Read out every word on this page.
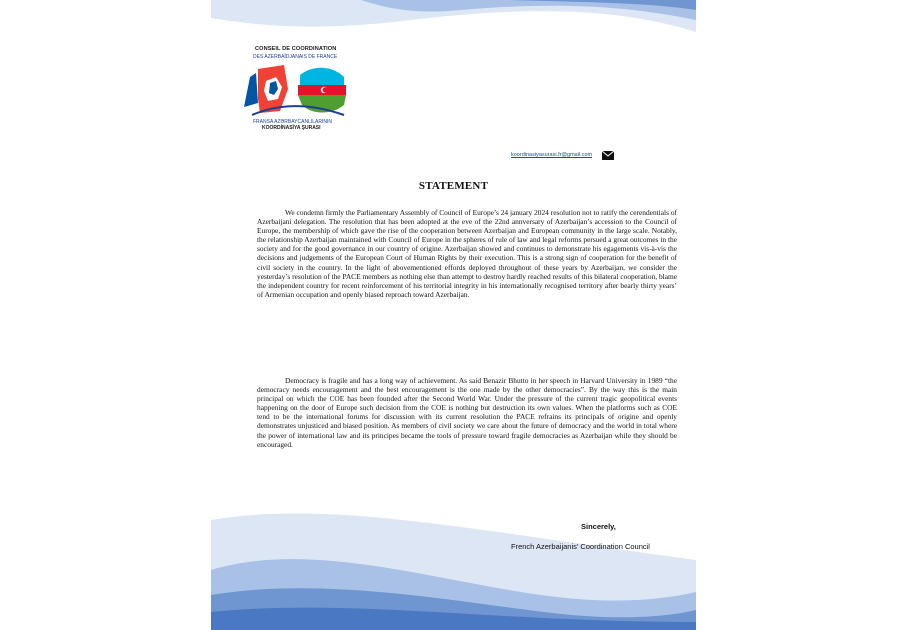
CONSEIL DE COORDINATION
DES AZERBAÏDJANAIS DE FRANCE
FRANSA AZƏRBAYCANLILARININ
KOORDİNASİYA ŞURASI
koordinasiyasurasi.fr@gmail.com
STATEMENT

We condemn firmly the Parliamentary Assembly of Council of Europe’s 24 january 2024 resolution not to ratify the cerendentials of Azerbaijani delegation. The resolution that has been adopted at the eve of the 22nd annversary of Azerbaijan’s accession to the Council of Europe, the membership of which gave the rise of the cooperation between Azerbaijan and European community in the large scale. Notably, the relationship Azerbaijan maintained with Council of Europe in the spheres of rule of law and legal reforms persued a great outcomes in the society and for the good governance in our country of origine. Azerbaijan showed and continues to demonstrate his egagements vis-à-vis the decisions and judgements of the European Court of Human Rights by their execution. This is a strong sign of cooperation for the benefit of civil society in the country. In the light of abovementioned effords deployed throughout of these years by Azerbaijan, we consider the yesterday’s resolution of the PACE members as nothing else than attempt to destroy hardly reached results of this bilateral cooperation, blame the independent country for recent reinforcement of his territorial integrity in his internationally recognised territory after bearly thirty years’ of Armenian occupation and openly biased reproach toward Azerbaijan.

Democracy is fragile and has a long way of achievement. As said Benazir Bhutto in her speech in Harvard University in 1989 “the democracy needs encouragement and the best encouragement is the one made by the other democracies”. By the way this is the main principal on which the COE has been founded after the Second World War. Under the pressure of the current tragic geopolitical events happening on the door of Europe such decision from the COE is nothing but destruction its own values. When the platforms such as COE tend to be the international forums for discussion with its current resolution the PACE refrains its principals of origine and openly demonstrates unjusticed and biased position. As members of civil society we care about the future of democracy and the world in total where the power of international law and its principes became the tools of pressure toward fragile democracies as Azerbaijan while they should be encouraged.

Sincerely,
French Azerbaijanis’ Coordination Council
